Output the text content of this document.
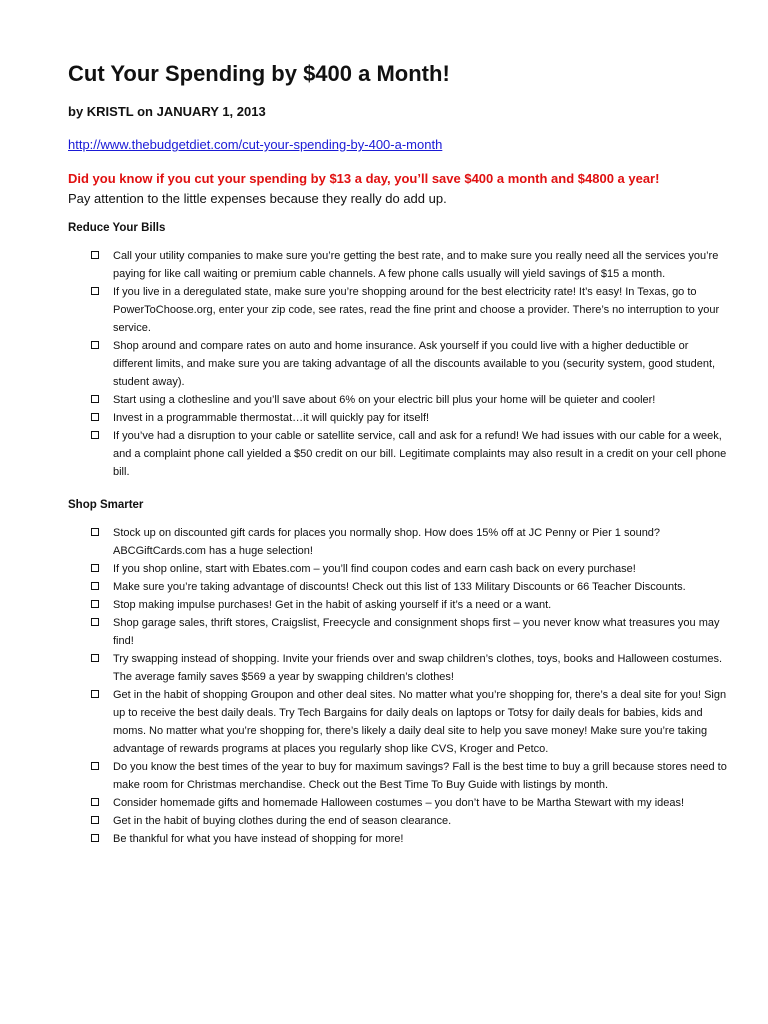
Cut Your Spending by $400 a Month!
by KRISTL on JANUARY 1, 2013
http://www.thebudgetdiet.com/cut-your-spending-by-400-a-month
Did you know if you cut your spending by $13 a day, you’ll save $400 a month and $4800 a year!
Pay attention to the little expenses because they really do add up.
Reduce Your Bills
Call your utility companies to make sure you’re getting the best rate, and to make sure you really need all the services you’re paying for like call waiting or premium cable channels. A few phone calls usually will yield savings of $15 a month.
If you live in a deregulated state, make sure you’re shopping around for the best electricity rate! It’s easy! In Texas, go to PowerToChoose.org, enter your zip code, see rates, read the fine print and choose a provider. There’s no interruption to your service.
Shop around and compare rates on auto and home insurance. Ask yourself if you could live with a higher deductible or different limits, and make sure you are taking advantage of all the discounts available to you (security system, good student, student away).
Start using a clothesline and you’ll save about 6% on your electric bill plus your home will be quieter and cooler!
Invest in a programmable thermostat…it will quickly pay for itself!
If you’ve had a disruption to your cable or satellite service, call and ask for a refund! We had issues with our cable for a week, and a complaint phone call yielded a $50 credit on our bill. Legitimate complaints may also result in a credit on your cell phone bill.
Shop Smarter
Stock up on discounted gift cards for places you normally shop. How does 15% off at JC Penny or Pier 1 sound? ABCGiftCards.com has a huge selection!
If you shop online, start with Ebates.com – you’ll find coupon codes and earn cash back on every purchase!
Make sure you’re taking advantage of discounts! Check out this list of 133 Military Discounts or 66 Teacher Discounts.
Stop making impulse purchases! Get in the habit of asking yourself if it’s a need or a want.
Shop garage sales, thrift stores, Craigslist, Freecycle and consignment shops first – you never know what treasures you may find!
Try swapping instead of shopping. Invite your friends over and swap children’s clothes, toys, books and Halloween costumes. The average family saves $569 a year by swapping children’s clothes!
Get in the habit of shopping Groupon and other deal sites. No matter what you’re shopping for, there’s a deal site for you! Sign up to receive the best daily deals. Try Tech Bargains for daily deals on laptops or Totsy for daily deals for babies, kids and moms. No matter what you’re shopping for, there’s likely a daily deal site to help you save money! Make sure you’re taking advantage of rewards programs at places you regularly shop like CVS, Kroger and Petco.
Do you know the best times of the year to buy for maximum savings? Fall is the best time to buy a grill because stores need to make room for Christmas merchandise. Check out the Best Time To Buy Guide with listings by month.
Consider homemade gifts and homemade Halloween costumes – you don’t have to be Martha Stewart with my ideas!
Get in the habit of buying clothes during the end of season clearance.
Be thankful for what you have instead of shopping for more!
